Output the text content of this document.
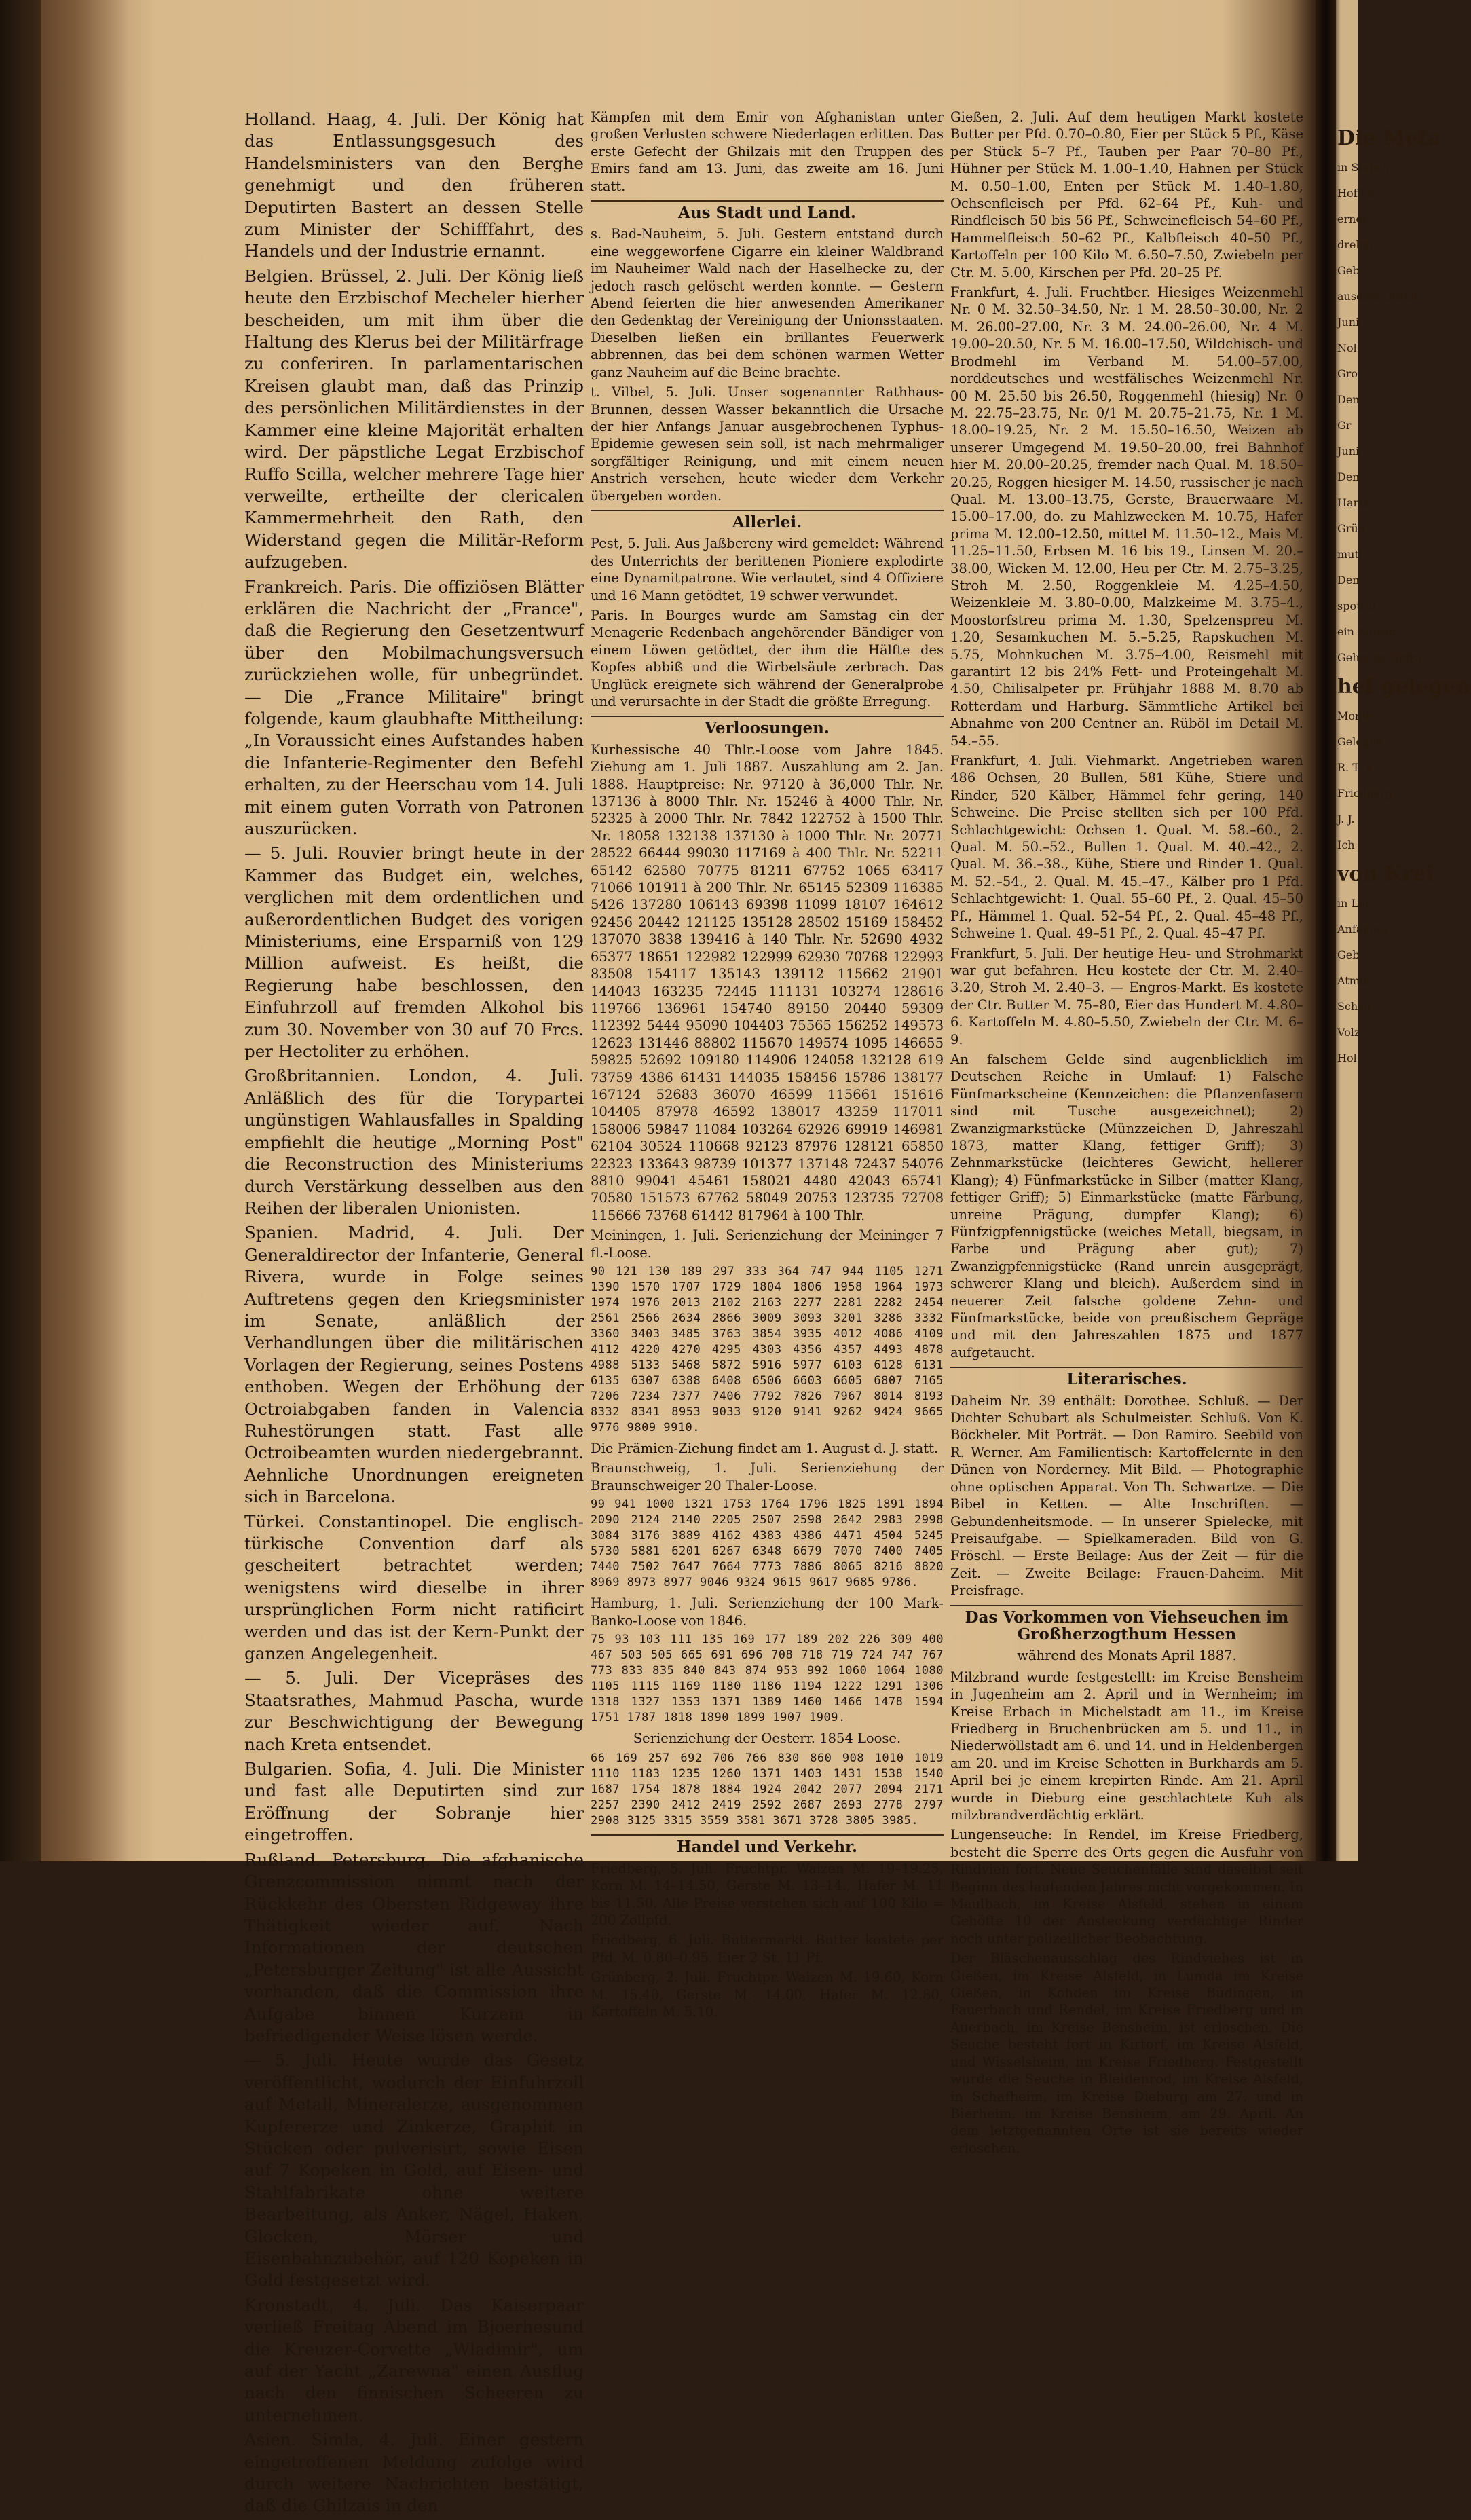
Holland. Haag, 4. Juli. Der König hat das Entlassungsgesuch des Handelsministers van den Berghe genehmigt und den früheren Deputirten Bastert an dessen Stelle zum Minister der Schifffahrt, des Handels und der Industrie ernannt.

Belgien. Brüssel, 2. Juli. Der König ließ heute den Erzbischof Mecheler hierher bescheiden, um mit ihm über die Haltung des Klerus bei der Militärfrage zu conferiren. In parlamentarischen Kreisen glaubt man, daß das Prinzip des persönlichen Militärdienstes in der Kammer eine kleine Majorität erhalten wird. Der päpstliche Legat Erzbischof Ruffo Scilla, welcher mehrere Tage hier verweilte, ertheilte der clericalen Kammermehrheit den Rath, den Widerstand gegen die Militär-Reform aufzugeben.

Frankreich. Paris. Die offiziösen Blätter erklären die Nachricht der „France", daß die Regierung den Gesetzentwurf über den Mobilmachungsversuch zurückziehen wolle, für unbegründet. — Die „France Militaire" bringt folgende, kaum glaubhafte Mittheilung: „In Voraussicht eines Aufstandes haben die Infanterie-Regimenter den Befehl erhalten, zu der Heerschau vom 14. Juli mit einem guten Vorrath von Patronen auszurücken.

— 5. Juli. Rouvier bringt heute in der Kammer das Budget ein, welches, verglichen mit dem ordentlichen und außerordentlichen Budget des vorigen Ministeriums, eine Ersparniß von 129 Million aufweist. Es heißt, die Regierung habe beschlossen, den Einfuhrzoll auf fremden Alkohol bis zum 30. November von 30 auf 70 Frcs. per Hectoliter zu erhöhen.

Großbritannien. London, 4. Juli. Anläßlich des für die Torypartei ungünstigen Wahlausfalles in Spalding empfiehlt die heutige „Morning Post" die Reconstruction des Ministeriums durch Verstärkung desselben aus den Reihen der liberalen Unionisten.

Spanien. Madrid, 4. Juli. Der Generaldirector der Infanterie, General Rivera, wurde in Folge seines Auftretens gegen den Kriegsminister im Senate, anläßlich der Verhandlungen über die militärischen Vorlagen der Regierung, seines Postens enthoben. Wegen der Erhöhung der Octroiabgaben fanden in Valencia Ruhestörungen statt. Fast alle Octroibeamten wurden niedergebrannt. Aehnliche Unordnungen ereigneten sich in Barcelona.

Türkei. Constantinopel. Die englisch-türkische Convention darf als gescheitert betrachtet werden; wenigstens wird dieselbe in ihrer ursprünglichen Form nicht ratificirt werden und das ist der Kern-Punkt der ganzen Angelegenheit.

— 5. Juli. Der Vicepräses des Staatsrathes, Mahmud Pascha, wurde zur Beschwichtigung der Bewegung nach Kreta entsendet.

Bulgarien. Sofia, 4. Juli. Die Minister und fast alle Deputirten sind zur Eröffnung der Sobranje hier eingetroffen.

Rußland. Petersburg. Die afghanische Grenzcommission nimmt nach der Rückkehr des Obersten Ridgeway ihre Thätigkeit wieder auf. Nach Informationen der deutschen „Petersburger Zeitung" ist alle Aussicht vorhanden, daß die Commission ihre Aufgabe binnen Kurzem in befriedigender Weise lösen werde.

— 5. Juli. Heute wurde das Gesetz veröffentlicht, wodurch der Einfuhrzoll auf Metall, Mineralerze, ausgenommen Kupfererze und Zinkerze, Graphit in Stücken oder pulverisirt, sowie Eisen auf 7 Kopeken in Gold, auf Eisen- und Stahlfabrikate ohne weitere Bearbeitung, als Anker, Nägel, Haken, Glocken, Mörser und Eisenbahnzubehör, auf 120 Kopeken in Gold festgesetzt wird.

Kronstadt, 4. Juli. Das Kaiserpaar verließ Freitag Abend im Bjoerhesund die Kreuzer-Corvette „Wladimir", um auf der Yacht „Zarewna" einen Ausflug nach den finnischen Scheeren zu unternehmen.

Asien. Simla, 4. Juli. Einer gestern eingetroffenen Meldung zufolge wird durch weitere Nachrichten bestätigt, daß die Ghilzais in den

Kämpfen mit dem Emir von Afghanistan unter großen Verlusten schwere Niederlagen erlitten. Das erste Gefecht der Ghilzais mit den Truppen des Emirs fand am 13. Juni, das zweite am 16. Juni statt.

Aus Stadt und Land.

s. Bad-Nauheim, 5. Juli. Gestern entstand durch eine weggeworfene Cigarre ein kleiner Waldbrand im Nauheimer Wald nach der Haselhecke zu, der jedoch rasch gelöscht werden konnte. — Gestern Abend feierten die hier anwesenden Amerikaner den Gedenktag der Vereinigung der Unionsstaaten. Dieselben ließen ein brillantes Feuerwerk abbrennen, das bei dem schönen warmen Wetter ganz Nauheim auf die Beine brachte.

t. Vilbel, 5. Juli. Unser sogenannter Rathhaus-Brunnen, dessen Wasser bekanntlich die Ursache der hier Anfangs Januar ausgebrochenen Typhus-Epidemie gewesen sein soll, ist nach mehrmaliger sorgfältiger Reinigung, und mit einem neuen Anstrich versehen, heute wieder dem Verkehr übergeben worden.

Allerlei.

Pest, 5. Juli. Aus Jaßbereny wird gemeldet: Während des Unterrichts der berittenen Pioniere explodirte eine Dynamitpatrone. Wie verlautet, sind 4 Offiziere und 16 Mann getödtet, 19 schwer verwundet.

Paris. In Bourges wurde am Samstag ein der Menagerie Redenbach angehörender Bändiger von einem Löwen getödtet, der ihm die Hälfte des Kopfes abbiß und die Wirbelsäule zerbrach. Das Unglück ereignete sich während der Generalprobe und verursachte in der Stadt die größte Erregung.

Verloosungen.

Kurhessische 40 Thlr.-Loose vom Jahre 1845. Ziehung am 1. Juli 1887. Auszahlung am 2. Jan. 1888. Hauptpreise: Nr. 97120 à 36,000 Thlr. Nr. 137136 à 8000 Thlr. Nr. 15246 à 4000 Thlr. Nr. 52325 à 2000 Thlr. Nr. 7842 122752 à 1500 Thlr. Nr. 18058 132138 137130 à 1000 Thlr. Nr. 20771 28522 66444 99030 117169 à 400 Thlr. Nr. 52211 65142 62580 70775 81211 67752 1065 63417 71066 101911 à 200 Thlr. Nr. 65145 52309 116385 5426 137280 106143 69398 11099 18107 164612 92456 20442 121125 135128 28502 15169 158452 137070 3838 139416 à 140 Thlr. Nr. 52690 4932 65377 18651 122982 122999 62930 70768 122993 83508 154117 135143 139112 115662 21901 144043 163235 72445 111131 103274 128616 119766 136961 154740 89150 20440 59309 112392 5444 95090 104403 75565 156252 149573 12623 131446 88802 115670 149574 1095 146655 59825 52692 109180 114906 124058 132128 619 73759 4386 61431 144035 158456 15786 138177 167124 52683 36070 46599 115661 151616 104405 87978 46592 138017 43259 117011 158006 59847 11084 103264 62926 69919 146981 62104 30524 110668 92123 87976 128121 65850 22323 133643 98739 101377 137148 72437 54076 8810 99041 45461 158021 4480 42043 65741 70580 151573 67762 58049 20753 123735 72708 115666 73768 61442 817964 à 100 Thlr.

Meiningen, 1. Juli. Serienziehung der Meininger 7 fl.-Loose.

90 121 130 189 297 333 364 747 944 1105 1271 1390 1570 1707 1729 1804 1806 1958 1964 1973 1974 1976 2013 2102 2163 2277 2281 2282 2454 2561 2566 2634 2866 3009 3093 3201 3286 3332 3360 3403 3485 3763 3854 3935 4012 4086 4109 4112 4220 4270 4295 4303 4356 4357 4493 4878 4988 5133 5468 5872 5916 5977 6103 6128 6131 6135 6307 6388 6408 6506 6603 6605 6807 7165 7206 7234 7377 7406 7792 7826 7967 8014 8193 8332 8341 8953 9033 9120 9141 9262 9424 9665 9776 9809 9910.

Die Prämien-Ziehung findet am 1. August d. J. statt.

Braunschweig, 1. Juli. Serienziehung der Braunschweiger 20 Thaler-Loose.

99 941 1000 1321 1753 1764 1796 1825 1891 1894 2090 2124 2140 2205 2507 2598 2642 2983 2998 3084 3176 3889 4162 4383 4386 4471 4504 5245 5730 5881 6201 6267 6348 6679 7070 7400 7405 7440 7502 7647 7664 7773 7886 8065 8216 8820 8969 8973 8977 9046 9324 9615 9617 9685 9786.

Hamburg, 1. Juli. Serienziehung der 100 Mark-Banko-Loose von 1846.

75 93 103 111 135 169 177 189 202 226 309 400 467 503 505 665 691 696 708 718 719 724 747 767 773 833 835 840 843 874 953 992 1060 1064 1080 1105 1115 1169 1180 1186 1194 1222 1291 1306 1318 1327 1353 1371 1389 1460 1466 1478 1594 1751 1787 1818 1890 1899 1907 1909.

Serienziehung der Oesterr. 1854 Loose.

66 169 257 692 706 766 830 860 908 1010 1019 1110 1183 1235 1260 1371 1403 1431 1538 1540 1687 1754 1878 1884 1924 2042 2077 2094 2171 2257 2390 2412 2419 2592 2687 2693 2778 2797 2908 3125 3315 3559 3581 3671 3728 3805 3985.

Handel und Verkehr.

Friedberg, 5. Juli. Fruchtpr. Waizen M. 19–19.25, Korn M. 14–14.50, Gerste M. 13–14., Hafer M. 11 bis 11.50. Alle Preise verstehen sich auf 100 Kilo = 200 Zollpfd.

Friedberg, 6. Juli. Buttermarkt. Butter kostete per Pfd. M. 0.80–0.95. Eier 2 St. 11 Pf.

Grünberg, 2. Juli. Fruchtpr. Waizen M. 19.60, Korn M. 15.40, Gerste M. 14.00, Hafer M. 12.80, Kartoffeln M. 5.10.

Gießen, 2. Juli. Auf dem heutigen Markt kostete Butter per Pfd. 0.70–0.80, Eier per Stück 5 Pf., Käse per Stück 5–7 Pf., Tauben per Paar 70–80 Pf., Hühner per Stück M. 1.00–1.40, Hahnen per Stück M. 0.50–1.00, Enten per Stück M. 1.40–1.80, Ochsenfleisch per Pfd. 62–64 Pf., Kuh- und Rindfleisch 50 bis 56 Pf., Schweinefleisch 54–60 Pf., Hammelfleisch 50–62 Pf., Kalbfleisch 40–50 Pf., Kartoffeln per 100 Kilo M. 6.50–7.50, Zwiebeln per Ctr. M. 5.00, Kirschen per Pfd. 20–25 Pf.

Frankfurt, 4. Juli. Fruchtber. Hiesiges Weizenmehl Nr. 0 M. 32.50–34.50, Nr. 1 M. 28.50–30.00, Nr. 2 M. 26.00–27.00, Nr. 3 M. 24.00–26.00, Nr. 4 M. 19.00–20.50, Nr. 5 M. 16.00–17.50, Wildchisch- und Brodmehl im Verband M. 54.00–57.00, norddeutsches und westfälisches Weizenmehl Nr. 00 M. 25.50 bis 26.50, Roggenmehl (hiesig) Nr. 0 M. 22.75–23.75, Nr. 0/1 M. 20.75–21.75, Nr. 1 M. 18.00–19.25, Nr. 2 M. 15.50–16.50, Weizen ab unserer Umgegend M. 19.50–20.00, frei Bahnhof hier M. 20.00–20.25, fremder nach Qual. M. 18.50–20.25, Roggen hiesiger M. 14.50, russischer je nach Qual. M. 13.00–13.75, Gerste, Brauerwaare M. 15.00–17.00, do. zu Mahlzwecken M. 10.75, Hafer prima M. 12.00–12.50, mittel M. 11.50–12., Mais M. 11.25–11.50, Erbsen M. 16 bis 19., Linsen M. 20.–38.00, Wicken M. 12.00, Heu per Ctr. M. 2.75–3.25, Stroh M. 2.50, Roggenkleie M. 4.25–4.50, Weizenkleie M. 3.80–0.00, Malzkeime M. 3.75–4., Moostorfstreu prima M. 1.30, Spelzenspreu M. 1.20, Sesamkuchen M. 5.–5.25, Rapskuchen M. 5.75, Mohnkuchen M. 3.75–4.00, Reismehl mit garantirt 12 bis 24% Fett- und Proteingehalt M. 4.50, Chilisalpeter pr. Frühjahr 1888 M. 8.70 ab Rotterdam und Harburg. Sämmtliche Artikel bei Abnahme von 200 Centner an. Rüböl im Detail M. 54.–55.

Frankfurt, 4. Juli. Viehmarkt. Angetrieben waren 486 Ochsen, 20 Bullen, 581 Kühe, Stiere und Rinder, 520 Kälber, Hämmel fehr gering, 140 Schweine. Die Preise stellten sich per 100 Pfd. Schlachtgewicht: Ochsen 1. Qual. M. 58.–60., 2. Qual. M. 50.–52., Bullen 1. Qual. M. 40.–42., 2. Qual. M. 36.–38., Kühe, Stiere und Rinder 1. Qual. M. 52.–54., 2. Qual. M. 45.–47., Kälber pro 1 Pfd. Schlachtgewicht: 1. Qual. 55–60 Pf., 2. Qual. 45–50 Pf., Hämmel 1. Qual. 52–54 Pf., 2. Qual. 45–48 Pf., Schweine 1. Qual. 49–51 Pf., 2. Qual. 45–47 Pf.

Frankfurt, 5. Juli. Der heutige Heu- und Strohmarkt war gut befahren. Heu kostete der Ctr. M. 2.40–3.20, Stroh M. 2.40–3. — Engros-Markt. Es kostete der Ctr. Butter M. 75–80, Eier das Hundert M. 4.80–6. Kartoffeln M. 4.80–5.50, Zwiebeln der Ctr. M. 6–9.

An falschem Gelde sind augenblicklich im Deutschen Reiche in Umlauf: 1) Falsche Fünfmarkscheine (Kennzeichen: die Pflanzenfasern sind mit Tusche ausgezeichnet); 2) Zwanzigmarkstücke (Münzzeichen D, Jahreszahl 1873, matter Klang, fettiger Griff); 3) Zehnmarkstücke (leichteres Gewicht, hellerer Klang); 4) Fünfmarkstücke in Silber (matter Klang, fettiger Griff); 5) Einmarkstücke (matte Färbung, unreine Prägung, dumpfer Klang); 6) Fünfzigpfennigstücke (weiches Metall, biegsam, in Farbe und Prägung aber gut); 7) Zwanzigpfennigstücke (Rand unrein ausgeprägt, schwerer Klang und bleich). Außerdem sind in neuerer Zeit falsche goldene Zehn- und Fünfmarkstücke, beide von preußischem Gepräge und mit den Jahreszahlen 1875 und 1877 aufgetaucht.

Literarisches.

Daheim Nr. 39 enthält: Dorothee. Schluß. — Der Dichter Schubart als Schulmeister. Schluß. Von K. Böckheler. Mit Porträt. — Don Ramiro. Seebild von R. Werner. Am Familientisch: Kartoffelernte in den Dünen von Norderney. Mit Bild. — Photographie ohne optischen Apparat. Von Th. Schwartze. — Die Bibel in Ketten. — Alte Inschriften. — Gebundenheitsmode. — In unserer Spielecke, mit Preisaufgabe. — Spielkameraden. Bild von G. Fröschl. — Erste Beilage: Aus der Zeit — für die Zeit. — Zweite Beilage: Frauen-Daheim. Mit Preisfrage.

Das Vorkommen von Viehseuchen im Großherzogthum Hessen

während des Monats April 1887.

Milzbrand wurde festgestellt: im Kreise Bensheim in Jugenheim am 2. April und in Wernheim; im Kreise Erbach in Michelstadt am 11., im Kreise Friedberg in Bruchenbrücken am 5. und 11., in Niederwöllstadt am 6. und 14. und in Heldenbergen am 20. und im Kreise Schotten in Burkhards am 5. April bei je einem krepirten Rinde. Am 21. April wurde in Dieburg eine geschlachtete Kuh als milzbrandverdächtig erklärt.

Lungenseuche: In Rendel, im Kreise Friedberg, besteht die Sperre des Orts gegen die Ausfuhr von Rindvieh fort. Neue Seuchenfälle sind daselbst seit Beginn des laufenden Jahres nicht vorgekommen. In Maulbach, im Kreise Alsfeld, stehen in einem Gehöfte 10 der Ansteckung verdächtige Rinder noch unter polizeilicher Beobachtung.

Der Bläschenausschlag des Rindviehes ist in Gießen, im Kreise Alsfeld, in Lumda im Kreise Gießen, in Kohden im Kreise Büdingen, in Fauerbach und Rendel, im Kreise Friedberg und in Auerbach, im Kreise Bensheim, ist erloschen. Die Seuche besteht fort in Kirtorf, im Kreise Alsfeld, und Wisselsheim, im Kreise Friedberg. Festgestellt wurde die Seuche in Bleidenrod, im Kreise Alsfeld, in Schafheim, im Kreise Dieburg am 27. und in Bierheim, im Kreise Bensheim, am 29. April. An dem letztgenannten Orte ist sie bereits wieder erloschen.

Die Meta
in Sinbus
Hoffna
erner
dreher
Gebr.
ausdem Gesch
Juni
Nol
Gro
Dem
Gr
Juni
Dem
Hand
Grün
muth
Dem
spotrai
ein Antrag
Gehende Hofra
hef gelegen
Monte
Gelegen
R. T. 1
Friedberg
J. J.
Ich
von Krei
in Lor
Anfänger
Geb
Atmm
Schäll
Volz
Hol
